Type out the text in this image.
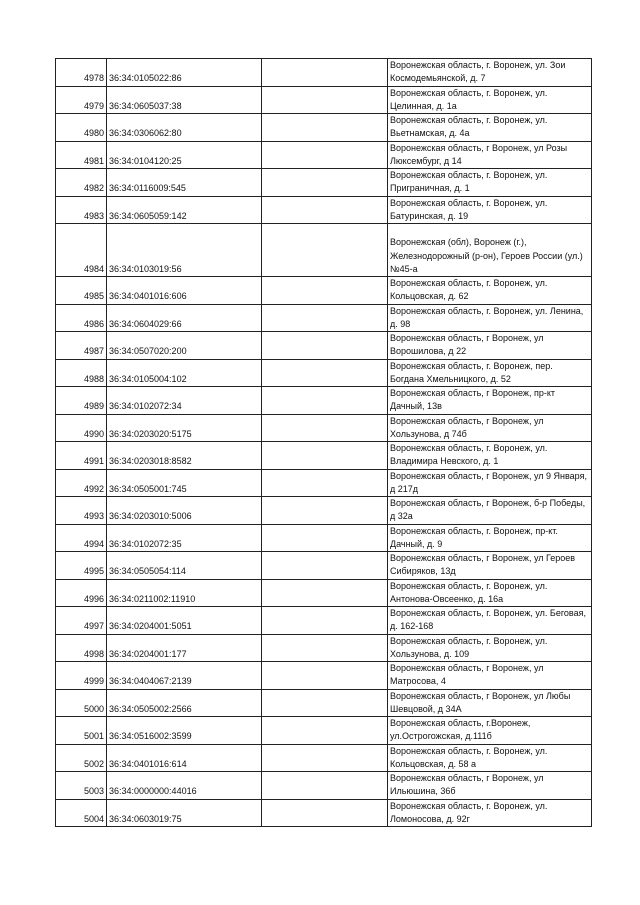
4978	36:34:0105022:86		Воронежская область, г. Воронеж, ул. Зои Космодемьянской, д. 7
4979	36:34:0605037:38		Воронежская область, г. Воронеж, ул. Целинная, д. 1а
4980	36:34:0306062:80		Воронежская область, г. Воронеж, ул. Вьетнамская, д. 4а
4981	36:34:0104120:25		Воронежская область, г Воронеж, ул Розы Люксембург, д 14
4982	36:34:0116009:545		Воронежская область, г. Воронеж, ул. Приграничная, д. 1
4983	36:34:0605059:142		Воронежская область, г. Воронеж, ул. Батуринская, д. 19
4984	36:34:0103019:56		Воронежская (обл), Воронеж (г.), Железнодорожный (р-он), Героев России (ул.) №45-а
4985	36:34:0401016:606		Воронежская область, г. Воронеж, ул. Кольцовская, д. 62
4986	36:34:0604029:66		Воронежская область, г. Воронеж, ул. Ленина, д. 98
4987	36:34:0507020:200		Воронежская область, г Воронеж, ул Ворошилова, д 22
4988	36:34:0105004:102		Воронежская область, г. Воронеж, пер. Богдана Хмельницкого, д. 52
4989	36:34:0102072:34		Воронежская область, г Воронеж, пр-кт Дачный, 13в
4990	36:34:0203020:5175		Воронежская область, г Воронеж, ул Хользунова, д 74б
4991	36:34:0203018:8582		Воронежская область, г. Воронеж, ул. Владимира Невского, д. 1
4992	36:34:0505001:745		Воронежская область, г Воронеж, ул 9 Января, д 217д
4993	36:34:0203010:5006		Воронежская область, г Воронеж, б-р Победы, д 32а
4994	36:34:0102072:35		Воронежская область, г. Воронеж, пр-кт. Дачный, д. 9
4995	36:34:0505054:114		Воронежская область, г Воронеж, ул Героев Сибиряков, 13д
4996	36:34:0211002:11910		Воронежская область, г. Воронеж, ул. Антонова-Овсеенко, д. 16а
4997	36:34:0204001:5051		Воронежская область, г. Воронеж, ул. Беговая, д. 162-168
4998	36:34:0204001:177		Воронежская область, г. Воронеж, ул. Хользунова, д. 109
4999	36:34:0404067:2139		Воронежская область, г Воронеж, ул Матросова, 4
5000	36:34:0505002:2566		Воронежская область, г Воронеж, ул Любы Шевцовой, д 34А
5001	36:34:0516002:3599		Воронежская область, г.Воронеж, ул.Острогожская, д.111б
5002	36:34:0401016:614		Воронежская область, г. Воронеж, ул. Кольцовская, д. 58 а
5003	36:34:0000000:44016		Воронежская область, г Воронеж, ул Ильюшина, 36б
5004	36:34:0603019:75		Воронежская область, г. Воронеж, ул. Ломоносова, д. 92г
